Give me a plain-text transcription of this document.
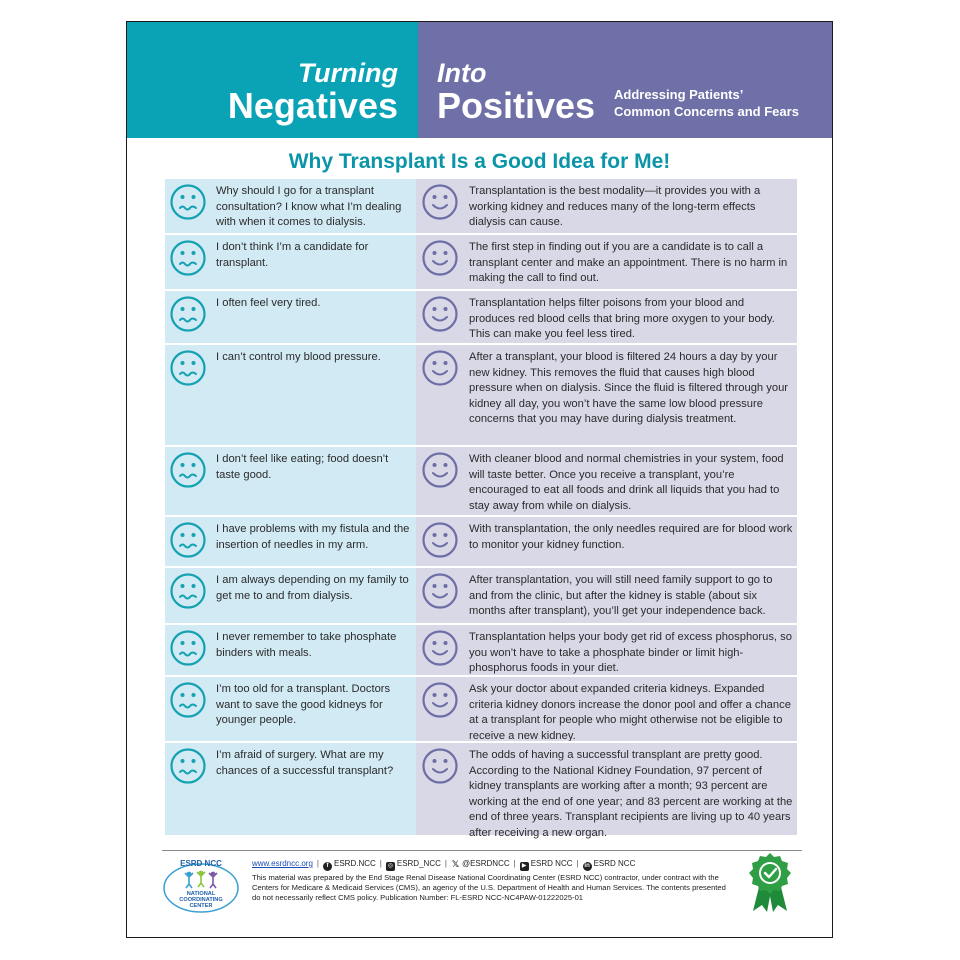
Turning
Negatives
Into
Positives Addressing Patients’
Common Concerns and Fears
Why Transplant Is a Good Idea for Me!
Why should I go for a transplant consultation? I know what I’m dealing with when it comes to dialysis.
Transplantation is the best modality—it provides you with a working kidney and reduces many of the long-term effects dialysis can cause.
I don’t think I’m a candidate for transplant.
The first step in finding out if you are a candidate is to call a transplant center and make an appointment. There is no harm in making the call to find out.
I often feel very tired.	Transplantation helps filter poisons from your blood and produces red blood cells that bring more oxygen to your body. This can make you feel less tired.
I can’t control my blood pressure.	After a transplant, your blood is filtered 24 hours a day by your new kidney. This removes the fluid that causes high blood pressure when on dialysis. Since the fluid is filtered through your kidney all day, you won’t have the same low blood pressure concerns that you may have during dialysis treatment.
I don’t feel like eating; food doesn’t taste good.
With cleaner blood and normal chemistries in your system, food will taste better. Once you receive a transplant, you’re encouraged to eat all foods and drink all liquids that you had to stay away from while on dialysis.
I have problems with my fistula and the insertion of needles in my arm.
With transplantation, the only needles required are for blood work to monitor your kidney function.
I am always depending on my family to get me to and from dialysis.
After transplantation, you will still need family support to go to and from the clinic, but after the kidney is stable (about six months after transplant), you’ll get your independence back.
I never remember to take phosphate binders with meals.
Transplantation helps your body get rid of excess phosphorus, so you won’t have to take a phosphate binder or limit high-phosphorus foods in your diet.
I’m too old for a transplant. Doctors want to save the good kidneys for younger people.
Ask your doctor about expanded criteria kidneys. Expanded criteria kidney donors increase the donor pool and offer a chance at a transplant for people who might otherwise not be eligible to receive a new kidney.
I’m afraid of surgery. What are my chances of a successful transplant?
The odds of having a successful transplant are pretty good. According to the National Kidney Foundation, 97 percent of kidney transplants are working after a month; 93 percent are working at the end of one year; and 83 percent are working at the end of three years. Transplant recipients are living up to 40 years after receiving a new organ.
ESRD NCC
NATIONAL
COORDINATING
CENTER
www.esrdncc.org | f ESRD.NCC | ◎ ESRD_NCC | 𝕏 @ESRDNCC | ▶ ESRD NCC | in ESRD NCC
This material was prepared by the End Stage Renal Disease National Coordinating Center (ESRD NCC) contractor, under contract with the Centers for Medicare & Medicaid Services (CMS), an agency of the U.S. Department of Health and Human Services. The contents presented do not necessarily reflect CMS policy. Publication Number: FL-ESRD NCC-NC4PAW-01222025-01
